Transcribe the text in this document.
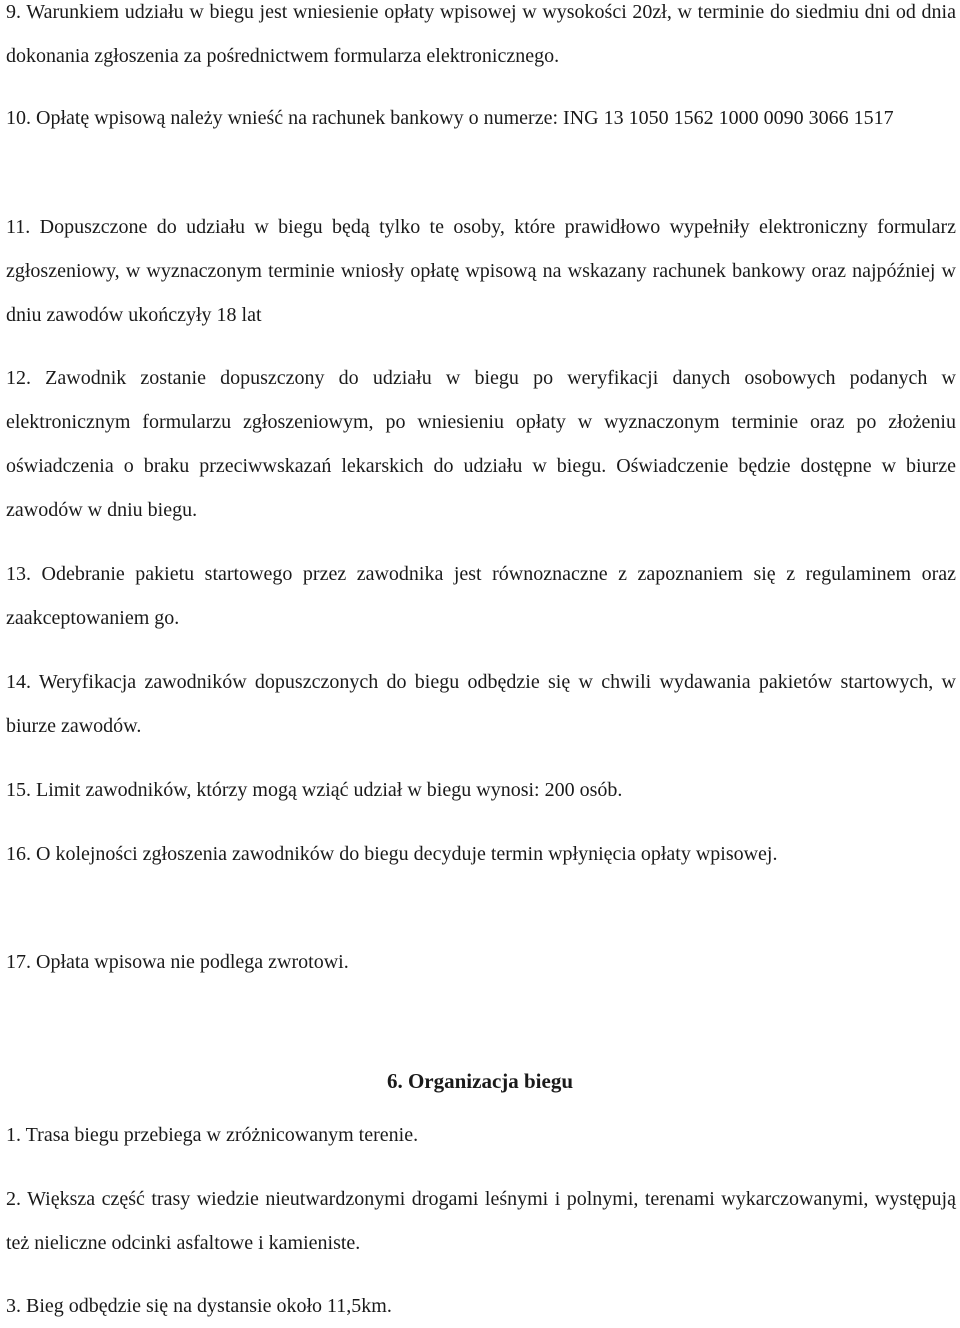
9. Warunkiem udziału w biegu jest wniesienie opłaty wpisowej w wysokości 20zł, w terminie do siedmiu dni od dnia dokonania zgłoszenia za pośrednictwem formularza elektronicznego.

10. Opłatę wpisową należy wnieść na rachunek bankowy o numerze: ING 13 1050 1562 1000 0090 3066 1517

11. Dopuszczone do udziału w biegu będą tylko te osoby, które prawidłowo wypełniły elektroniczny formularz zgłoszeniowy, w wyznaczonym terminie wniosły opłatę wpisową na wskazany rachunek bankowy oraz najpóźniej w dniu zawodów ukończyły 18 lat

12. Zawodnik zostanie dopuszczony do udziału w biegu po weryfikacji danych osobowych podanych w elektronicznym formularzu zgłoszeniowym, po wniesieniu opłaty w wyznaczonym terminie oraz po złożeniu oświadczenia o braku przeciwwskazań lekarskich do udziału w biegu. Oświadczenie będzie dostępne w biurze zawodów w dniu biegu.

13. Odebranie pakietu startowego przez zawodnika jest równoznaczne z zapoznaniem się z regulaminem oraz zaakceptowaniem go.

14. Weryfikacja zawodników dopuszczonych do biegu odbędzie się w chwili wydawania pakietów startowych, w biurze zawodów.

15. Limit zawodników, którzy mogą wziąć udział w biegu wynosi: 200 osób.

16. O kolejności zgłoszenia zawodników do biegu decyduje termin wpłynięcia opłaty wpisowej.

17. Opłata wpisowa nie podlega zwrotowi.

6. Organizacja biegu

1. Trasa biegu przebiega w zróżnicowanym terenie.

2. Większa część trasy wiedzie nieutwardzonymi drogami leśnymi i polnymi, terenami wykarczowanymi, występują też nieliczne odcinki asfaltowe i kamieniste.

3. Bieg odbędzie się na dystansie około 11,5km.
